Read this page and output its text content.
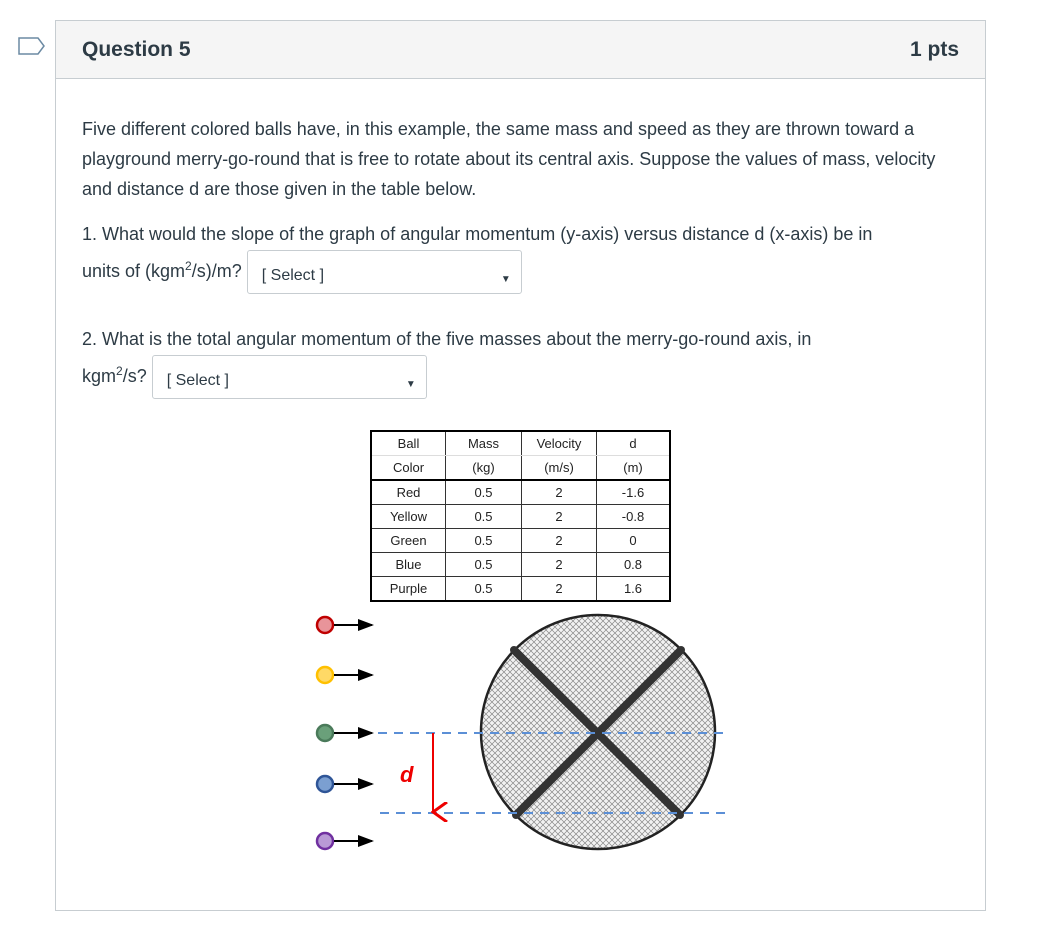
Question 5	1 pts
Five different colored balls have, in this example, the same mass and speed as they are thrown toward a playground merry-go-round that is free to rotate about its central axis. Suppose the values of mass, velocity and distance d are those given in the table below.
1. What would the slope of the graph of angular momentum (y-axis) versus distance d (x-axis) be in
units of (kgm$^2$/s)/m? [ Select ]	▼
2. What is the total angular momentum of the five masses about the merry-go-round axis, in
kgm$^2$/s? [ Select ]	▼
Ball	Mass	Velocity	d
Color	(kg)	(m/s)	(m)
Red	0.5	2	-1.6
Yellow	0.5	2	-0.8
Green	0.5	2	0
Blue	0.5	2	0.8
Purple	0.5	2	1.6
d
